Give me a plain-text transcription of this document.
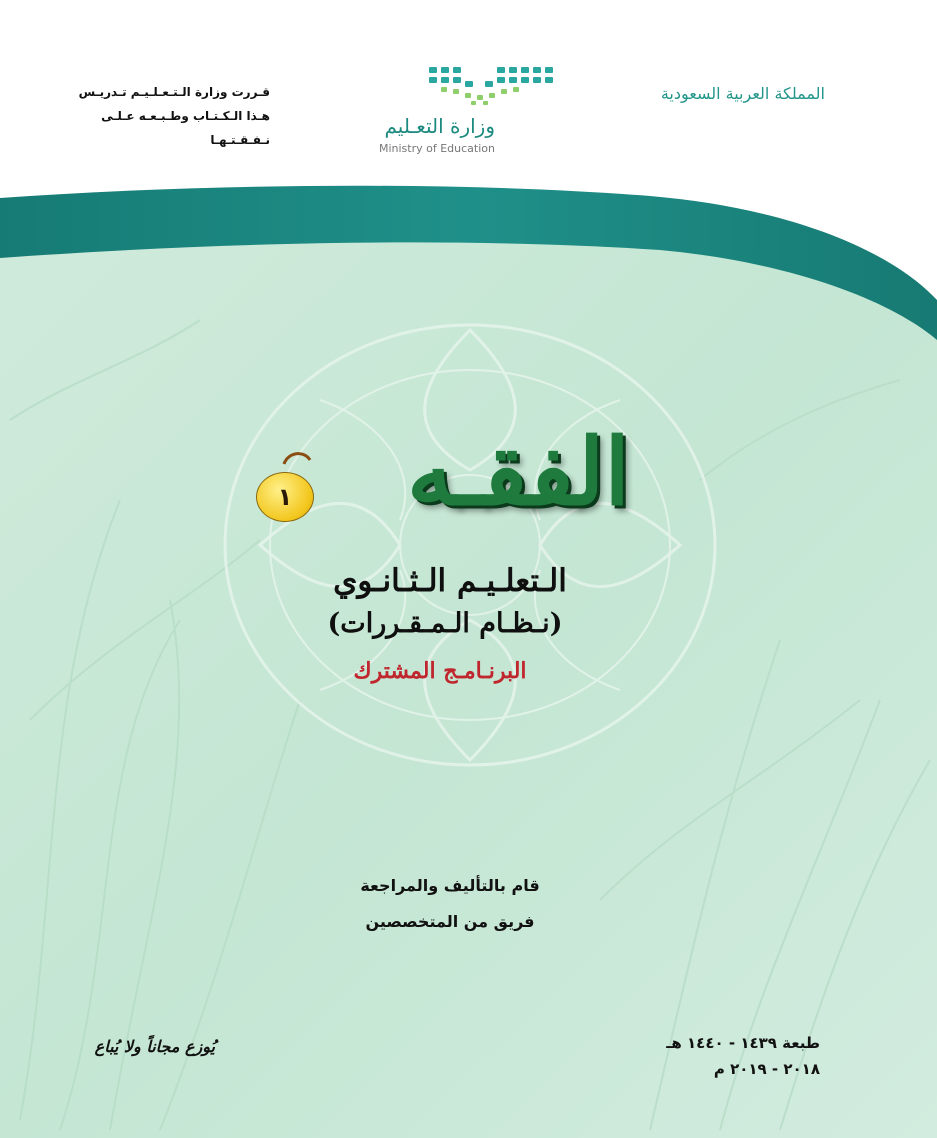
المملكة العربية السعودية
قـررت وزارة الـتـعـلـيـم تـدريـس
هـذا الـكـتـاب وطـبـعـه عـلـى نـفـقـتـهـا
وزارة التعـليم
Ministry of Education
الفقـه
١
الـتعلـيـم الـثـانـوي
(نـظـام الـمـقـررات)
البرنـامـج المشترك
قام بالتأليف والمراجعة
فريق من المتخصصين
يُوزع مجاناً ولا يُباع	طبعة ١٤٣٩ - ١٤٤٠ هـ
٢٠١٨ - ٢٠١٩ م
